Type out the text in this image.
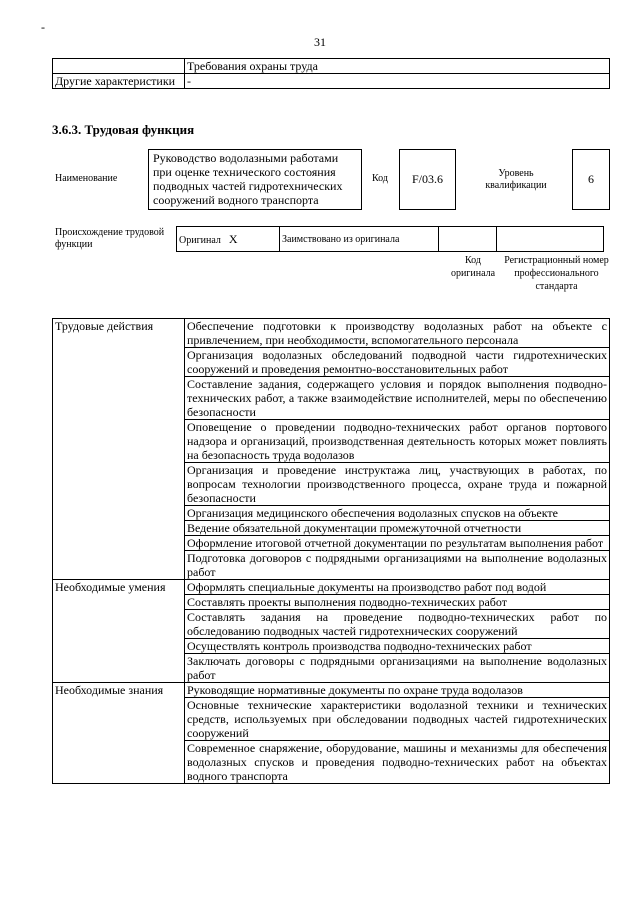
-
31
	Требования охраны труда
Другие характеристики	-
3.6.3. Трудовая функция
Наименование
Руководство водолазными работами при оценке технического состояния подводных частей гидротехнических сооружений водного транспорта
Код F/03.6	Уровень квалификации	6
Происхождение трудовой функции	Оригинал X	Заимствовано из оригинала		
Код оригинала
Регистрационный номер профессионального стандарта
Трудовые действия	Обеспечение подготовки к производству водолазных работ на объекте с привлечением, при необходимости, вспомогательного персонала
	Организация водолазных обследований подводной части гидротехнических сооружений и проведения ремонтно-восстановительных работ
	Составление задания, содержащего условия и порядок выполнения подводно-технических работ, а также взаимодействие исполнителей, меры по обеспечению безопасности
	Оповещение о проведении подводно-технических работ органов портового надзора и организаций, производственная деятельность которых может повлиять на безопасность труда водолазов
	Организация и проведение инструктажа лиц, участвующих в работах, по вопросам технологии производственного процесса, охране труда и пожарной безопасности
	Организация медицинского обеспечения водолазных спусков на объекте
	Ведение обязательной документации промежуточной отчетности
	Оформление итоговой отчетной документации по результатам выполнения работ
	Подготовка договоров с подрядными организациями на выполнение водолазных работ
Необходимые умения	Оформлять специальные документы на производство работ под водой
	Составлять проекты выполнения подводно-технических работ
	Составлять задания на проведение подводно-технических работ по обследованию подводных частей гидротехнических сооружений
	Осуществлять контроль производства подводно-технических работ
	Заключать договоры с подрядными организациями на выполнение водолазных работ
Необходимые знания	Руководящие нормативные документы по охране труда водолазов
	Основные технические характеристики водолазной техники и технических средств, используемых при обследовании подводных частей гидротехнических сооружений
	Современное снаряжение, оборудование, машины и механизмы для обеспечения водолазных спусков и проведения подводно-технических работ на объектах водного транспорта
